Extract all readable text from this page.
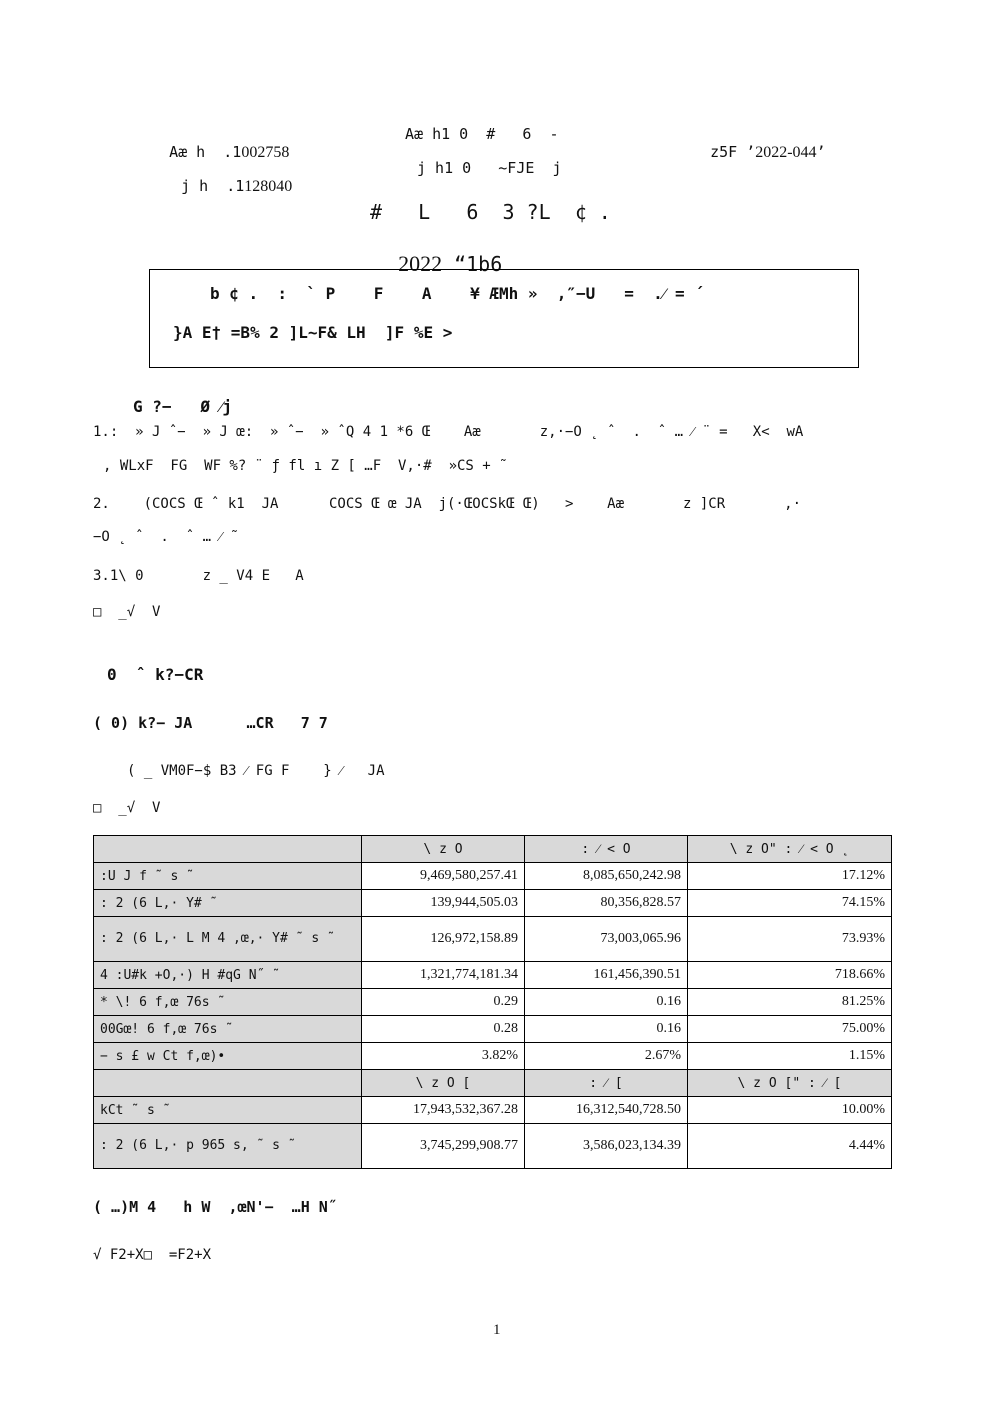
Aæ h  .1002758

Aæ h1 0  #   6  -

z5F ’2022-044’

j h  .1128040

j h1 0   ~FJE  j
#   L   6  3 ?L  ¢ .

2022 “1b6

b ¢ .  :  ` P    F    A    ¥ ÆMh »  ,″−U   =  .⁄ = ´
}A E† =B% 2 ]L~F& LH  ]F %E >
G ?−   Ø ⁄j
1.:  » J ˆ−  » J œ:  » ˆ−  » ˆQ 4 1 *6 Œ    Aæ       z,·−O ˛ ˆ  .  ˆ … ⁄ ¨ =   X<  wA
, WLxF  FG  WF %? ¨ ƒ fl ı Z [ …F  V,·#  »CS + ˜
2.    (COCS Œ ˆ k1  JA      COCS Œ œ JA  j(·ŒOCSkŒ Œ)   >    Aæ       z ]CR       ,·
−O ˛ ˆ  .  ˆ … ⁄ ˜
3.1\ 0       z _ V4 E   A
□  _√  V
0  ˆ k?−CR
( 0) k?− JA      …CR   7 7
( _ VM0F−$ B3 ⁄ FG F    } ⁄   JA
□  _√  V
	\ z O	: ⁄ < O	\ z O" : ⁄ < O ˛
:U J f ˜ s ˜	9,469,580,257.41	8,085,650,242.98	17.12%
: 2 (6 L,· Y# ˜	139,944,505.03	80,356,828.57	74.15%
: 2 (6 L,· L M 4 ,œ,· Y# ˜ s ˜	126,972,158.89	73,003,065.96	73.93%
4 :U#k +O,·) H #qG N˝ ˜	1,321,774,181.34	161,456,390.51	718.66%
* \! 6 f,œ 76s ˜	0.29	0.16	81.25%
00Gœ! 6 f,œ 76s ˜	0.28	0.16	75.00%
− s £ w Ct f,œ)•	3.82%	2.67%	1.15%
	\ z O [	: ⁄ [	\ z O [" : ⁄ [
kCt ˜ s ˜	17,943,532,367.28	16,312,540,728.50	10.00%
: 2 (6 L,· p 965 s, ˜ s ˜	3,745,299,908.77	3,586,023,134.39	4.44%
( …)M 4   h W  ,œN'−  …H N˝
√ F2+X□  =F2+X
1
